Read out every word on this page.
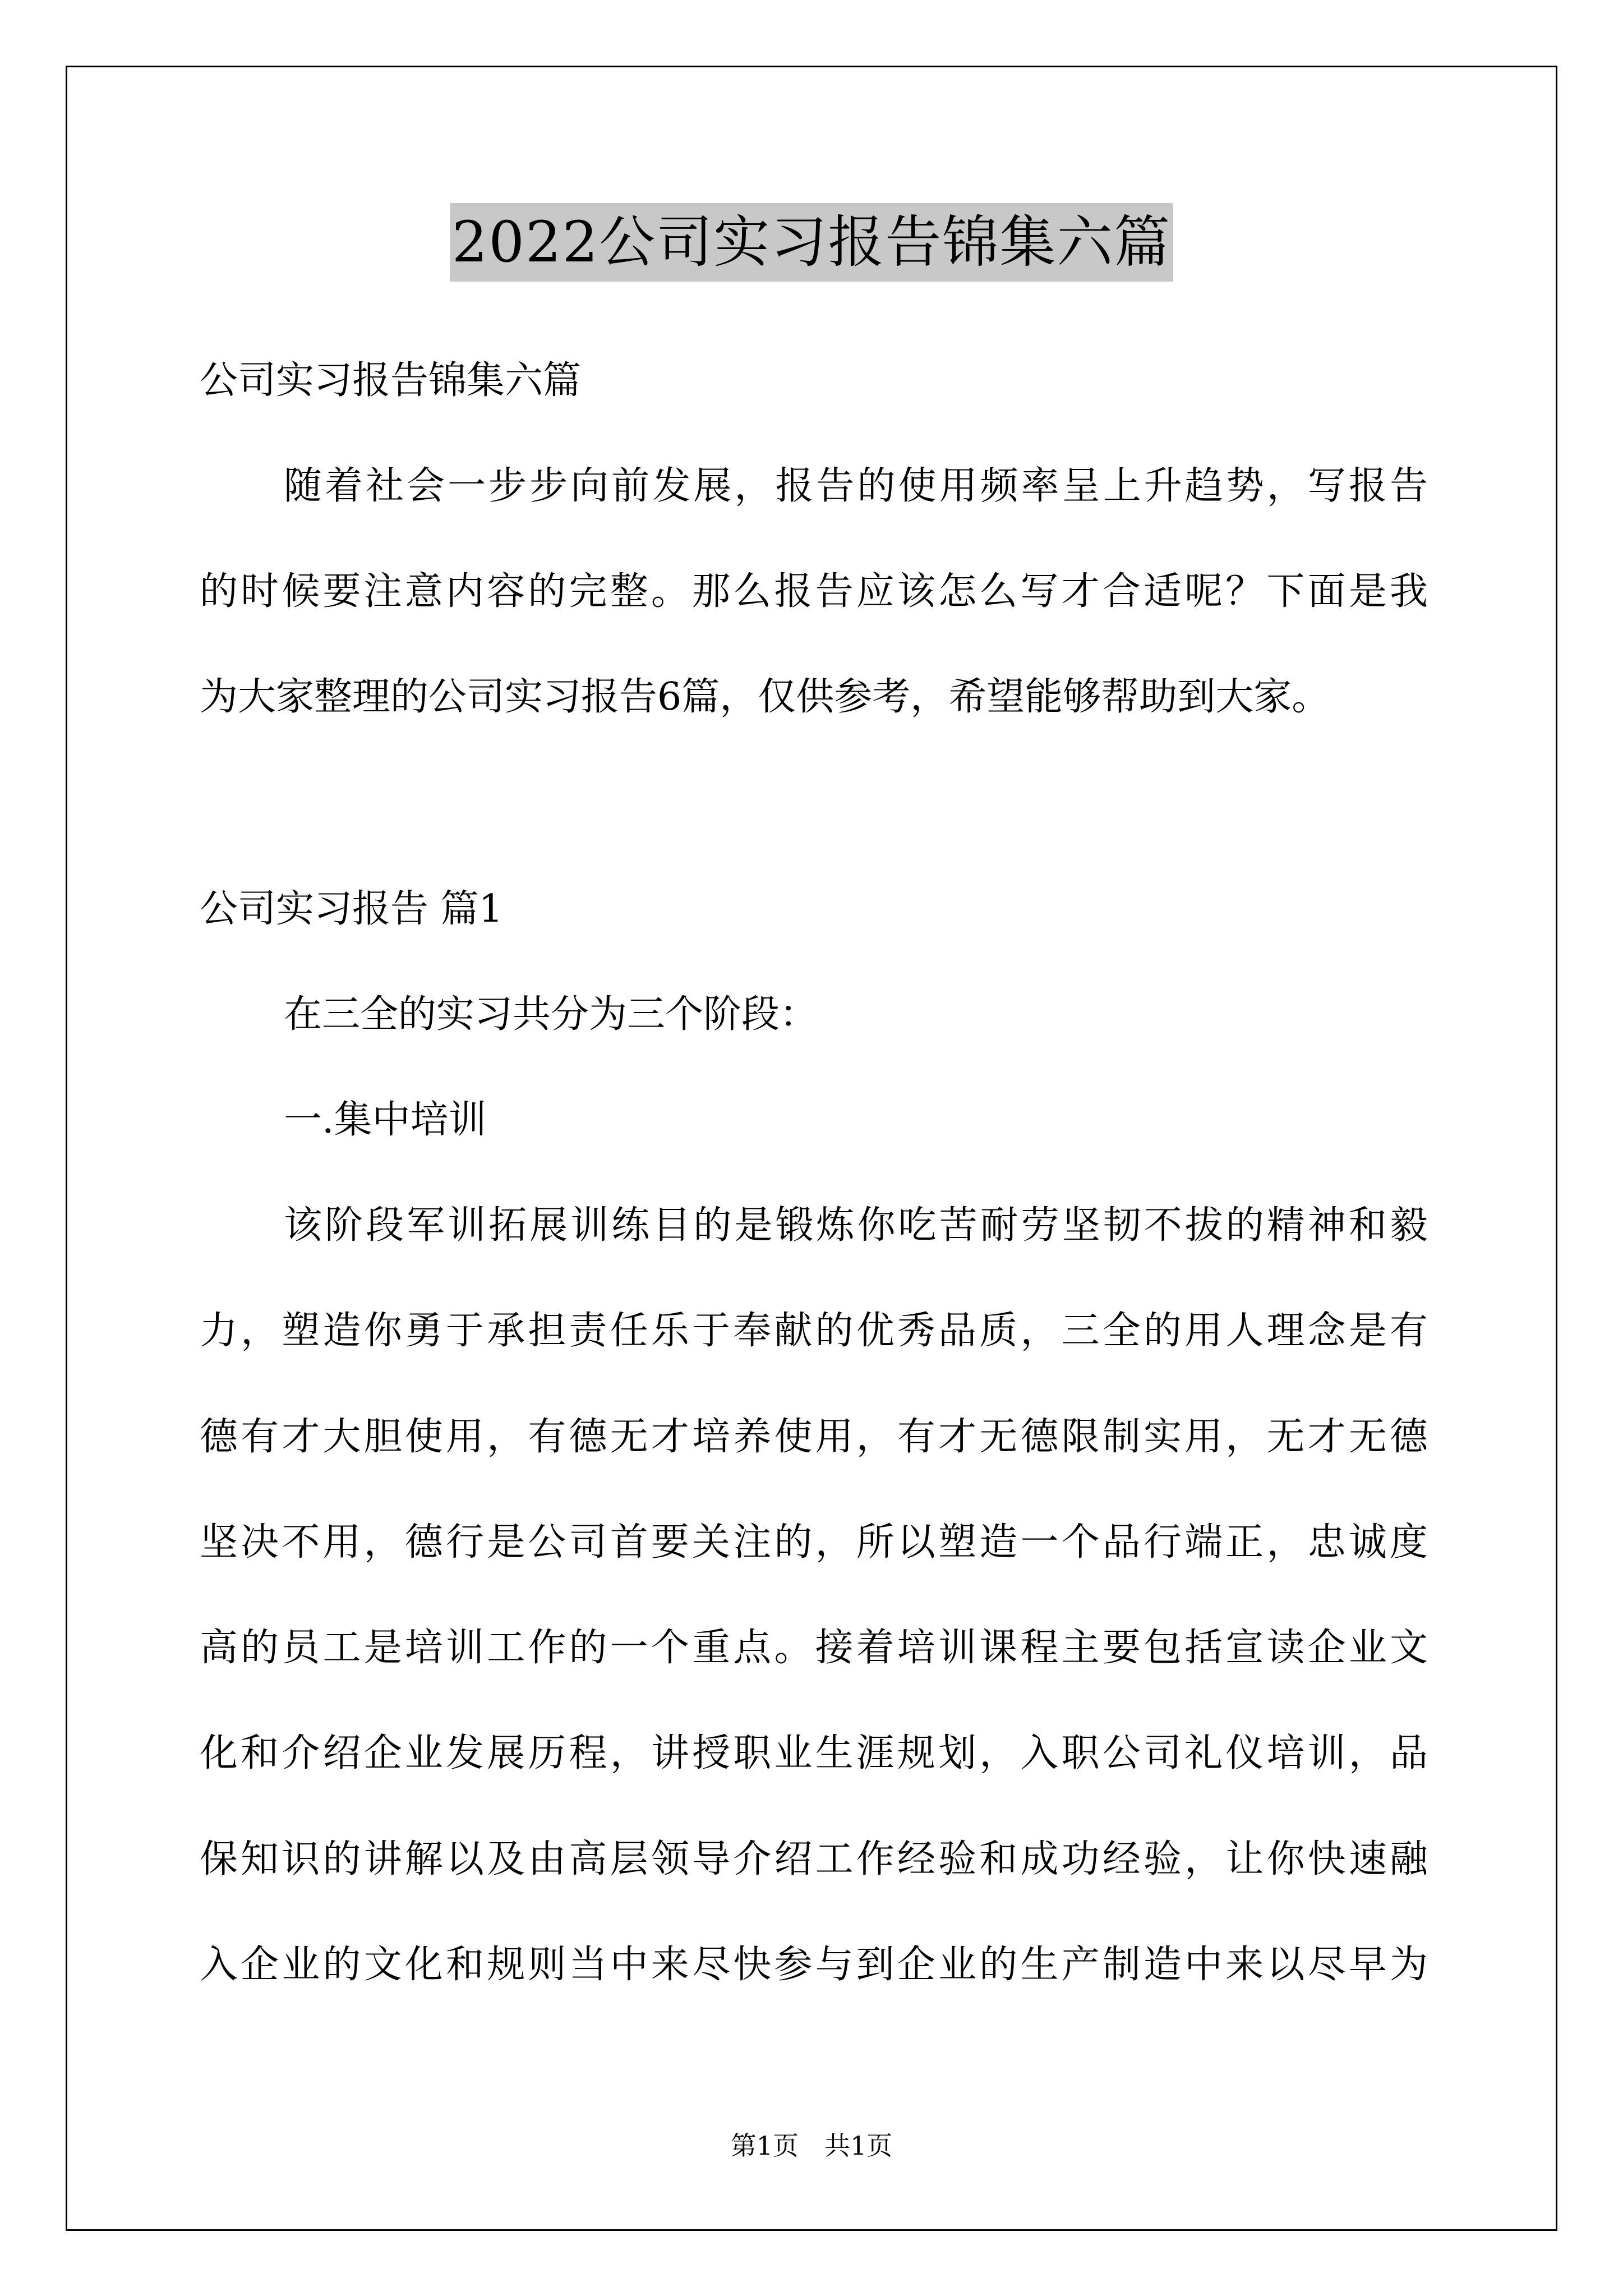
2022公司实习报告锦集六篇
公司实习报告锦集六篇
随着社会一步步向前发展，报告的使用频率呈上升趋势，写报告
的时候要注意内容的完整。那么报告应该怎么写才合适呢？下面是我
为大家整理的公司实习报告6篇，仅供参考，希望能够帮助到大家。
公司实习报告 篇1
在三全的实习共分为三个阶段：
一.集中培训
该阶段军训拓展训练目的是锻炼你吃苦耐劳坚韧不拔的精神和毅
力，塑造你勇于承担责任乐于奉献的优秀品质，三全的用人理念是有
德有才大胆使用，有德无才培养使用，有才无德限制实用，无才无德
坚决不用，德行是公司首要关注的，所以塑造一个品行端正，忠诚度
高的员工是培训工作的一个重点。接着培训课程主要包括宣读企业文
化和介绍企业发展历程，讲授职业生涯规划，入职公司礼仪培训，品
保知识的讲解以及由高层领导介绍工作经验和成功经验，让你快速融
入企业的文化和规则当中来尽快参与到企业的生产制造中来以尽早为
第1页　共1页
